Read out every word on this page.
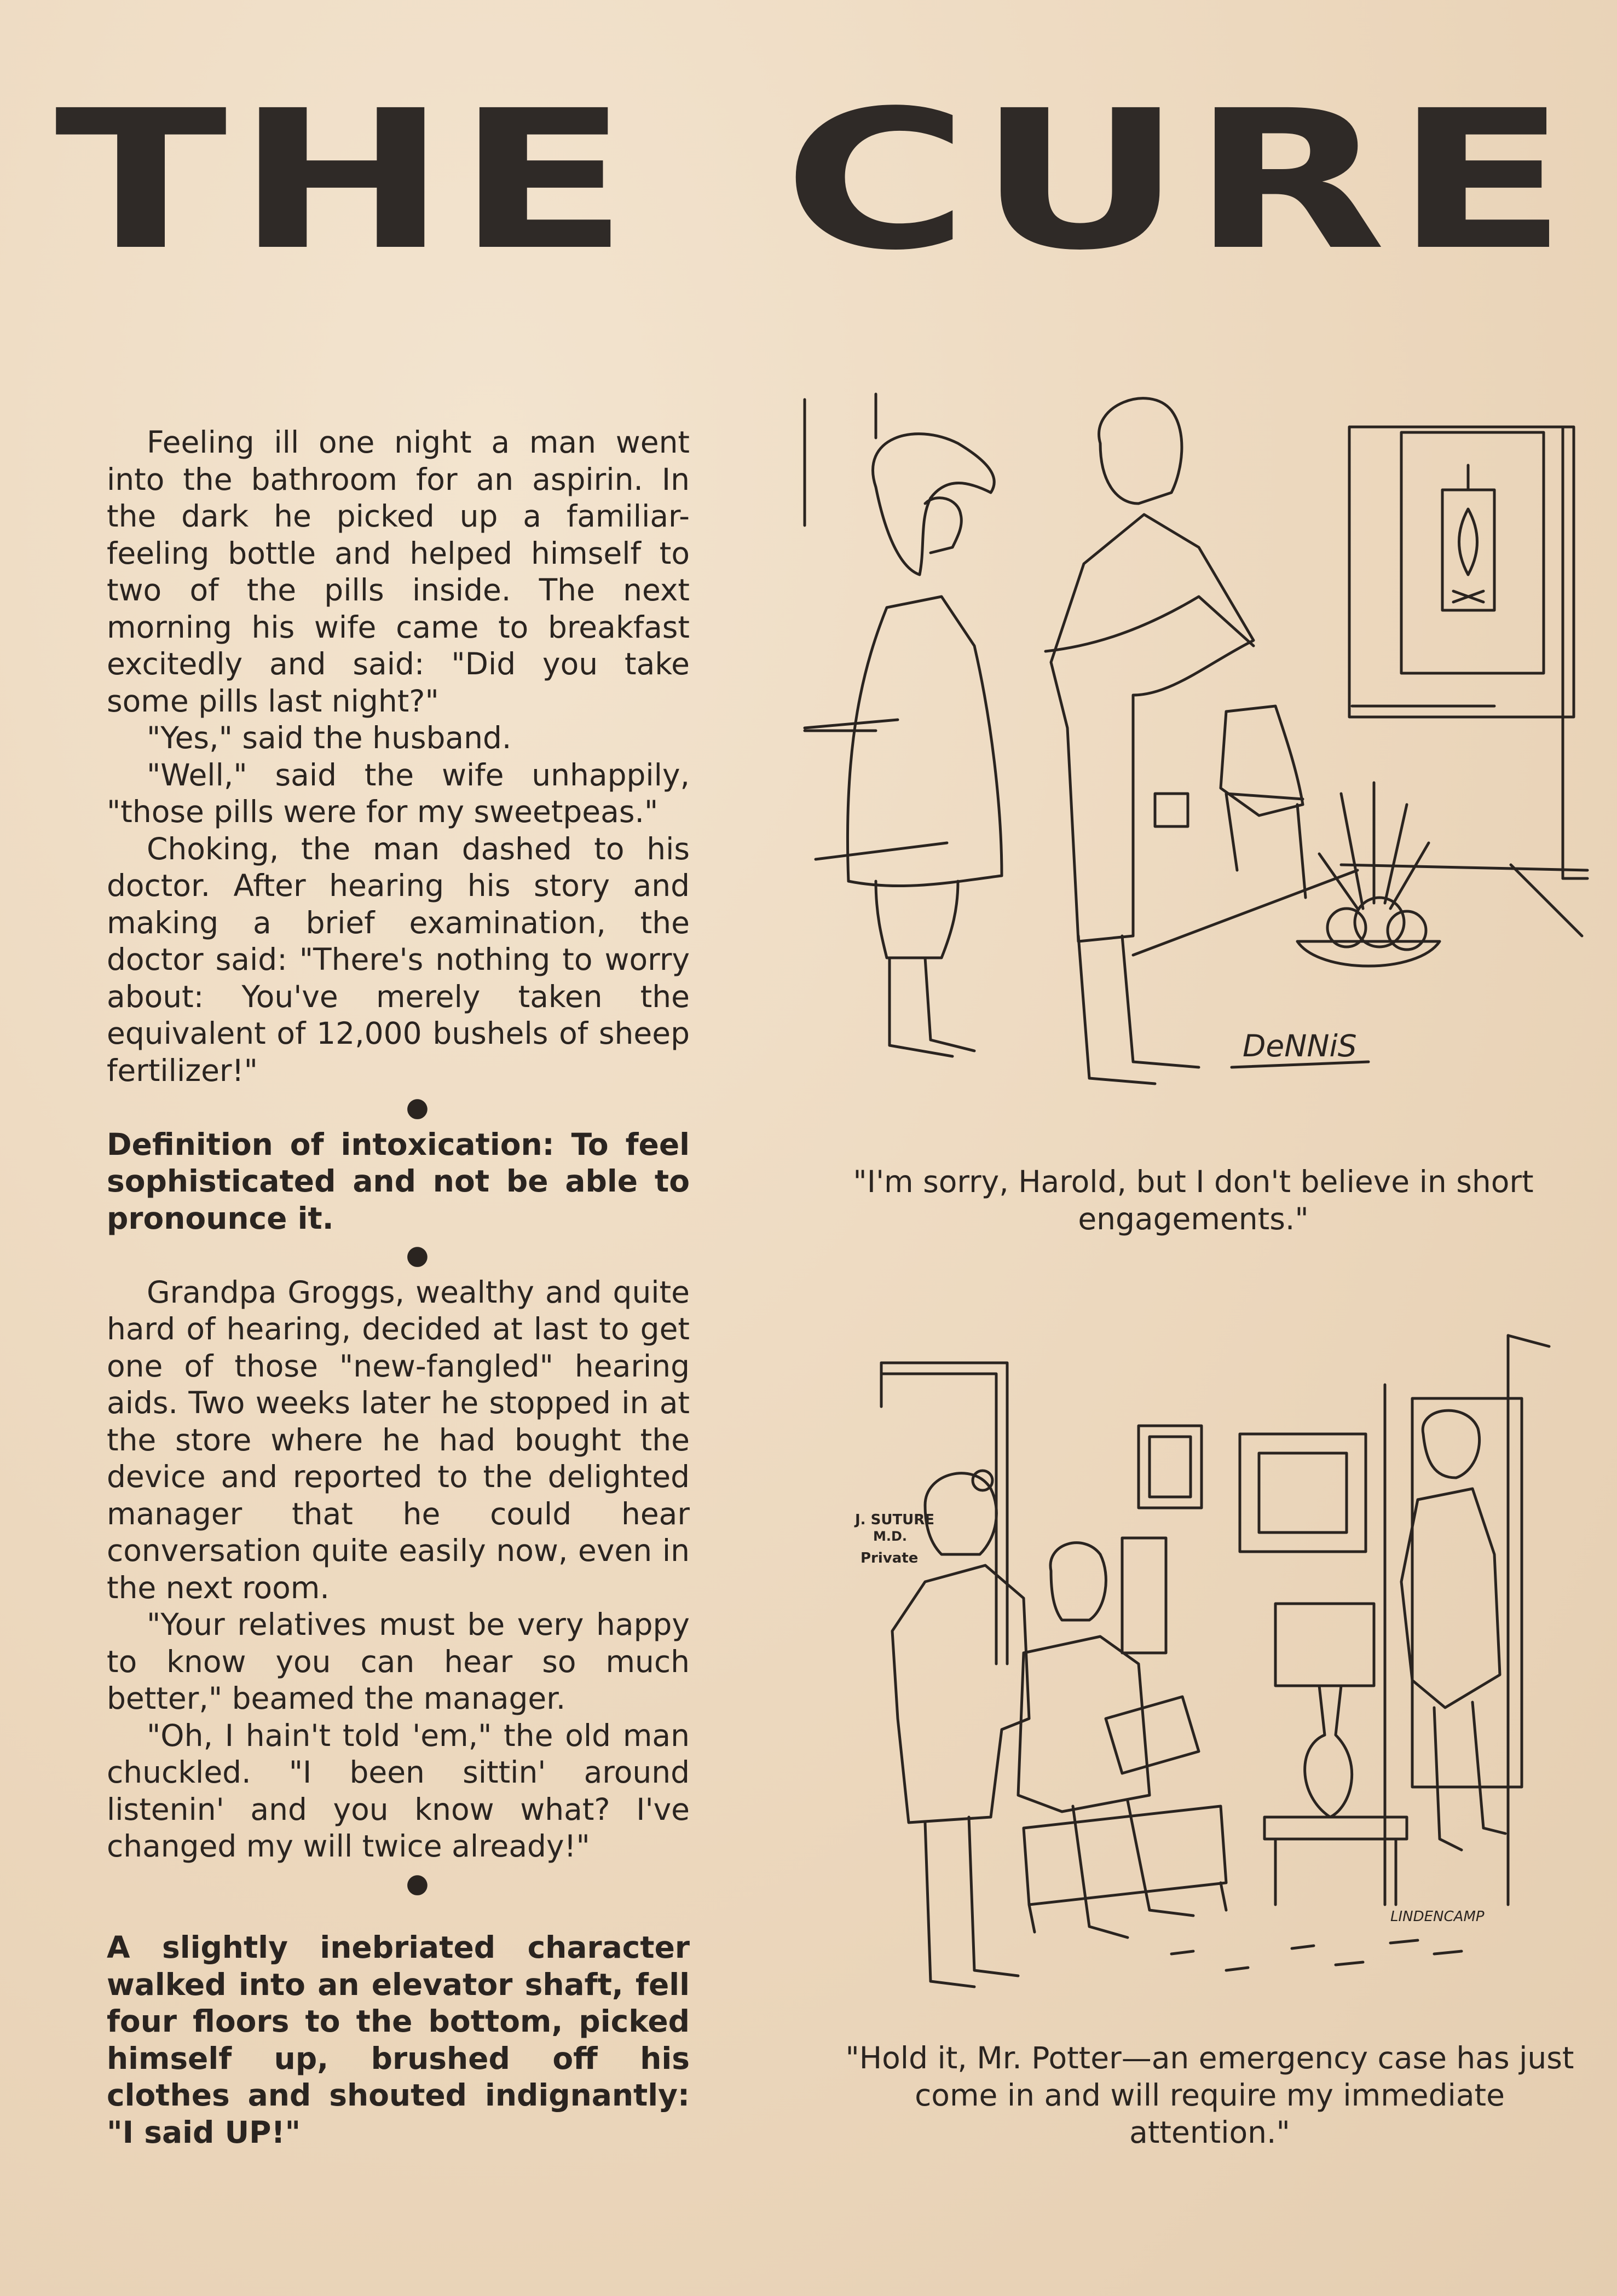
THE CURE

Feeling ill one night a man went into the bathroom for an aspirin. In the dark he picked up a familiar-feeling bottle and helped himself to two of the pills inside. The next morning his wife came to breakfast excitedly and said: "Did you take some pills last night?"

"Yes," said the husband.

"Well," said the wife unhappily, "those pills were for my sweetpeas."

Choking, the man dashed to his doctor. After hearing his story and making a brief examination, the doctor said: "There's nothing to worry about: You've merely taken the equivalent of 12,000 bushels of sheep fertilizer!"

●

Definition of intoxication: To feel sophisticated and not be able to pronounce it.

●

Grandpa Groggs, wealthy and quite hard of hearing, decided at last to get one of those "new-fangled" hearing aids. Two weeks later he stopped in at the store where he had bought the device and reported to the delighted manager that he could hear conversation quite easily now, even in the next room.

"Your relatives must be very happy to know you can hear so much better," beamed the manager.

"Oh, I hain't told 'em," the old man chuckled. "I been sittin' around listenin' and you know what? I've changed my will twice already!"

●

A slightly inebriated character walked into an elevator shaft, fell four floors to the bottom, picked himself up, brushed off his clothes and shouted indignantly: "I said UP!"

DeNNiS
"I'm sorry, Harold, but I don't believe in short engagements."
J. SUTURE
M.D.
Private
LINDENCAMP
"Hold it, Mr. Potter—an emergency case has just come in and will require my immediate attention."
